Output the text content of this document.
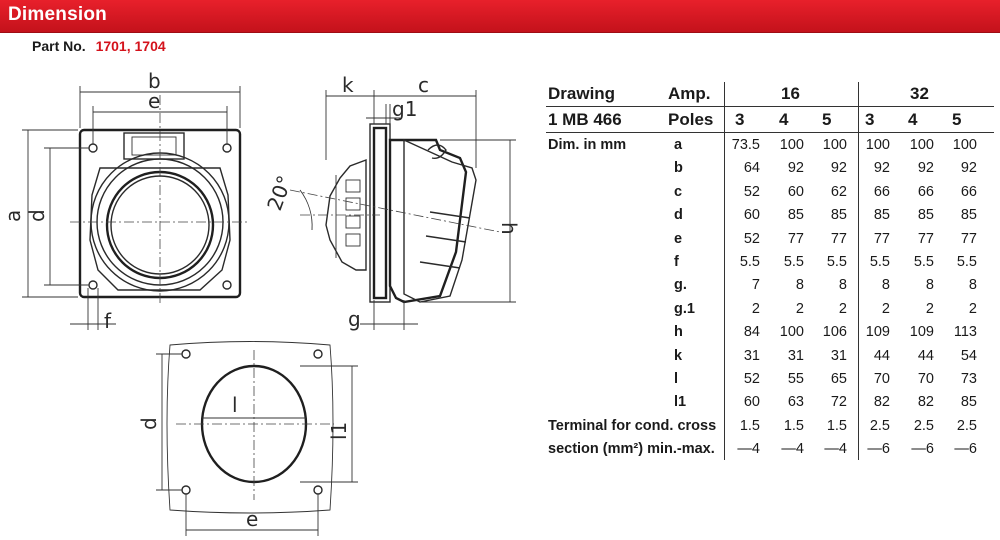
Dimension
Part No. 1701, 1704
b
e
a d
f
20°
k	c
g1
h
g
l
l1
d
e
Drawing	Amp.	16	32
1 MB 466	Poles 3 4 5 3 4 5
Dim. in mm	a	73.5	100	100	100	100	100
b	64	92	92	92	92	92
c	52	60	62	66	66	66
d	60	85	85	85	85	85
e	52	77	77	77	77	77
f	5.5	5.5	5.5	5.5	5.5	5.5
g.	7	8	8	8	8	8
g.1	2	2	2	2	2	2
h	84	100	106	109	109	113
k	31	31	31	44	44	54
l	52	55	65	70	70	73
l1	60	63	72	82	82	85
Terminal for cond. cross	1.5	1.5	1.5	2.5	2.5	2.5
section (mm²) min.-max.	—4	—4	—4	—6	—6	—6
